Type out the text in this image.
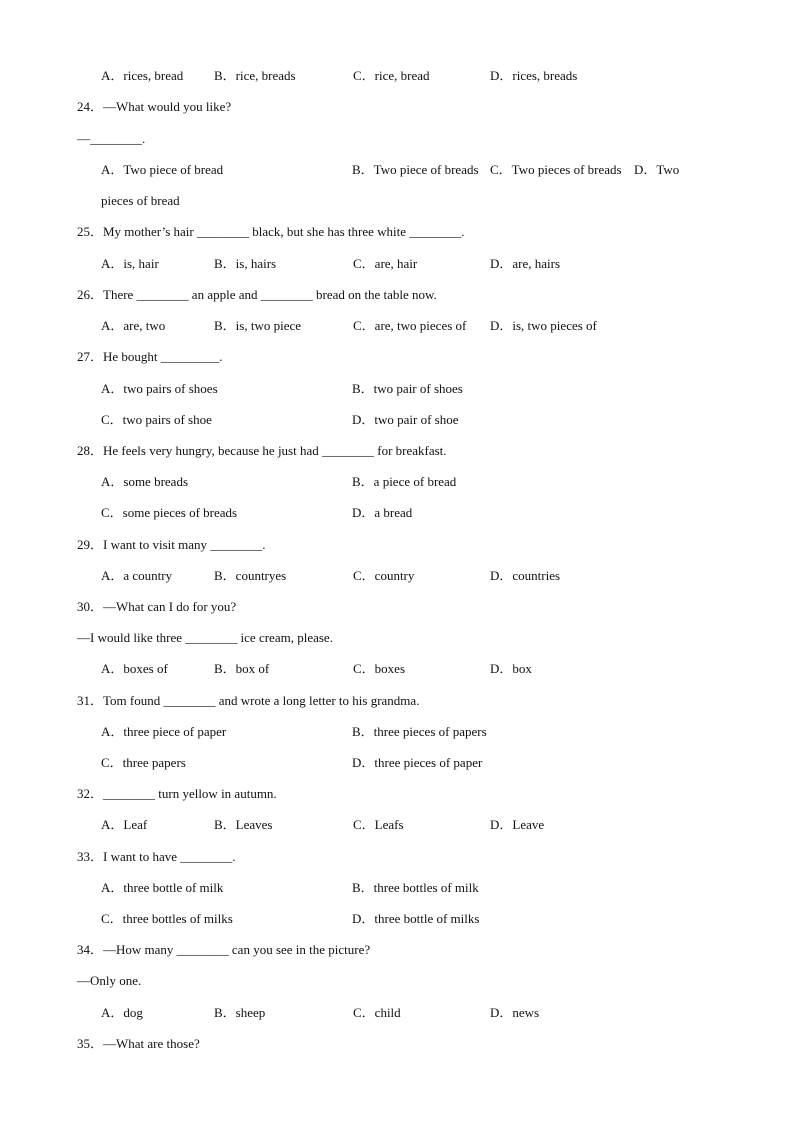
A．rices, bread B．rice, breads	C．rice, bread	D．rices, breads
24．—What would you like?
—________.
A．Two piece of bread	B．Two piece of breads C．Two pieces of breads D．Two
pieces of bread
25．My mother’s hair ________ black, but she has three white ________.
A．is, hair	B．is, hairs	C．are, hair	D．are, hairs
26．There ________ an apple and ________ bread on the table now.
A．are, two	B．is, two piece	C．are, two pieces of D．is, two pieces of
27．He bought _________.
A．two pairs of shoes	B．two pair of shoes
C．two pairs of shoe	D．two pair of shoe
28．He feels very hungry, because he just had ________ for breakfast.
A．some breads	B．a piece of bread
C．some pieces of breads	D．a bread
29．I want to visit many ________.
A．a country	B．countryes	C．country	D．countries
30．—What can I do for you?
—I would like three ________ ice cream, please.
A．boxes of	B．box of	C．boxes	D．box
31．Tom found ________ and wrote a long letter to his grandma.
A．three piece of paper	B．three pieces of papers
C．three papers	D．three pieces of paper
32．________ turn yellow in autumn.
A．Leaf	B．Leaves	C．Leafs	D．Leave
33．I want to have ________.
A．three bottle of milk	B．three bottles of milk
C．three bottles of milks	D．three bottle of milks
34．—How many ________ can you see in the picture?
—Only one.
A．dog	B．sheep	C．child	D．news
35．—What are those?
